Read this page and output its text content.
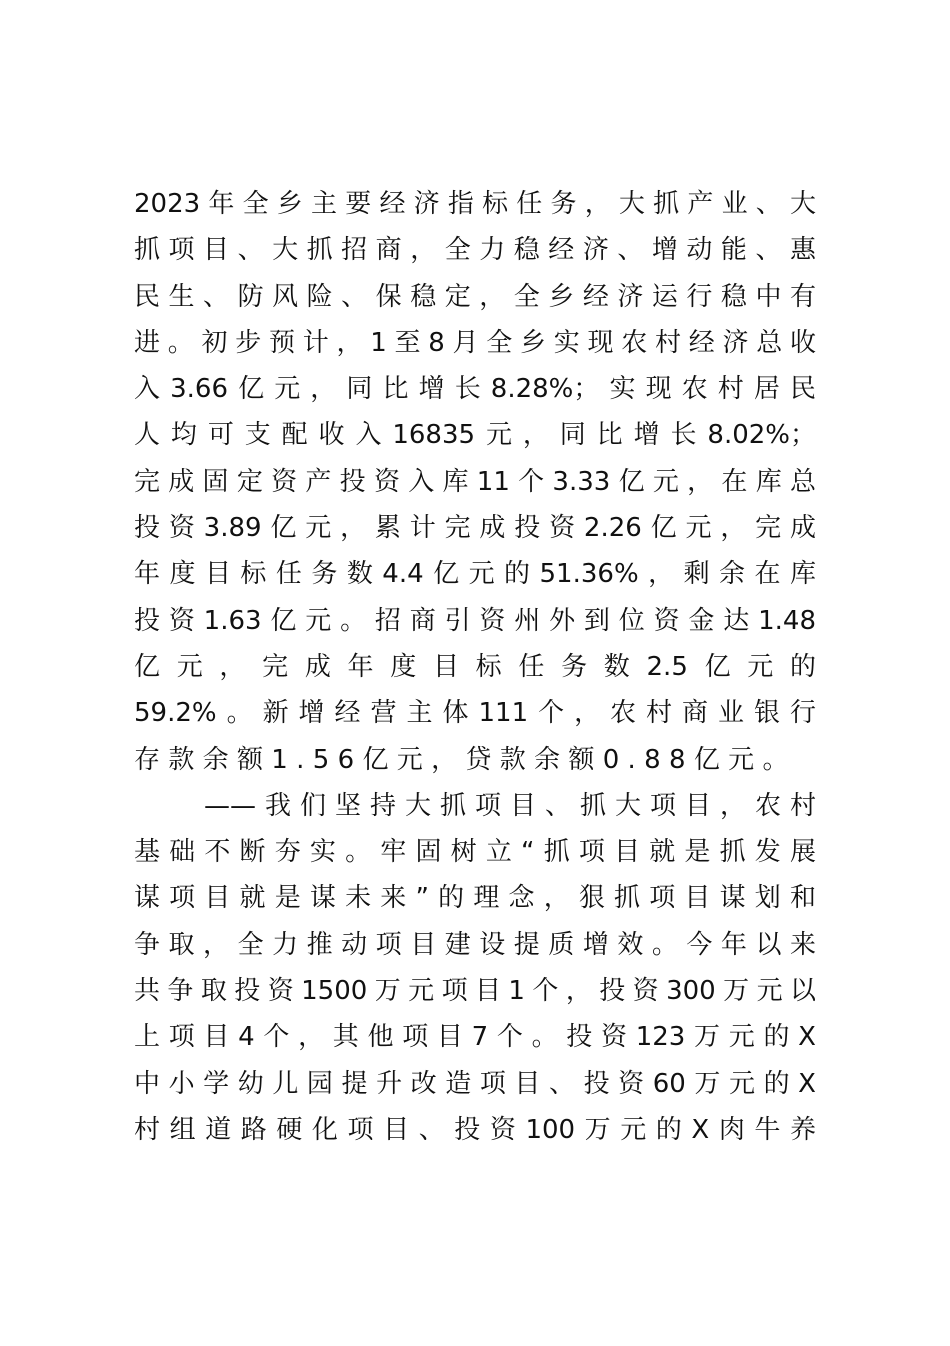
2023年全乡主要经济指标任务，大抓产业、大
抓项目、大抓招商，全力稳经济、增动能、惠
民生、防风险、保稳定，全乡经济运行稳中有
进。初步预计，1至8月全乡实现农村经济总收
入3.66亿元，同比增长8.28%；实现农村居民
人均可支配收入16835元，同比增长8.02%；
完成固定资产投资入库11个3.33亿元，在库总
投资3.89亿元，累计完成投资2.26亿元，完成
年度目标任务数4.4亿元的51.36%，剩余在库
投资1.63亿元。招商引资州外到位资金达1.48
亿元，完成年度目标任务数2.5亿元的
59.2%。新增经营主体111个，农村商业银行
存款余额1.56亿元，贷款余额0.88亿元。
——我们坚持大抓项目、抓大项目，农村
基础不断夯实。牢固树立“抓项目就是抓发展
谋项目就是谋未来”的理念，狠抓项目谋划和
争取，全力推动项目建设提质增效。今年以来
共争取投资1500万元项目1个，投资300万元以
上项目4个，其他项目7个。投资123万元的X
中小学幼儿园提升改造项目、投资60万元的X
村组道路硬化项目、投资100万元的X肉牛养
